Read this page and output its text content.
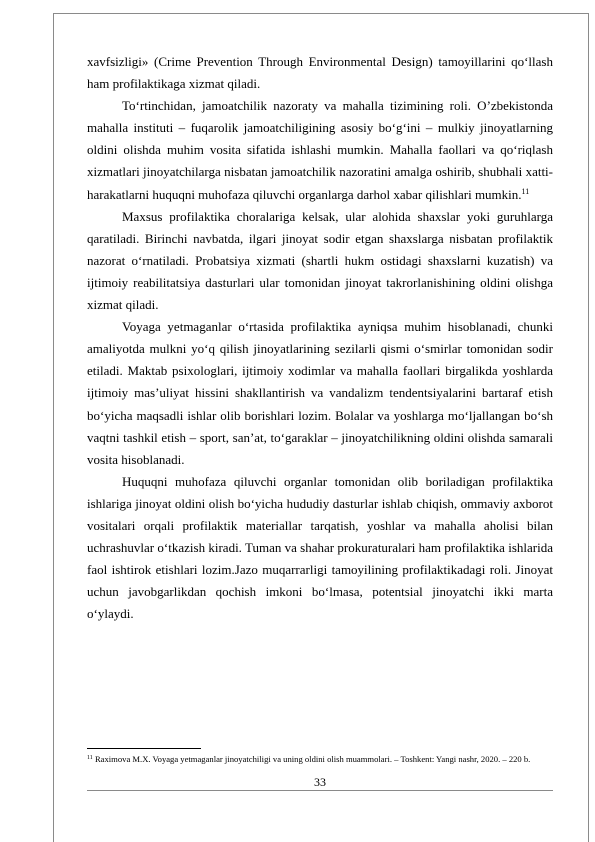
xavfsizligi» (Crime Prevention Through Environmental Design) tamoyillarini qo‘llash ham profilaktikaga xizmat qiladi.

To‘rtinchidan, jamoatchilik nazoraty va mahalla tizimining roli. O’zbekistonda mahalla instituti – fuqarolik jamoatchiligining asosiy bo‘g‘ini – mulkiy jinoyatlarning oldini olishda muhim vosita sifatida ishlashi mumkin. Mahalla faollari va qo‘riqlash xizmatlari jinoyatchilarga nisbatan jamoatchilik nazoratini amalga oshirib, shubhali xatti-harakatlarni huquqni muhofaza qiluvchi organlarga darhol xabar qilishlari mumkin.$^{11}$

Maxsus profilaktika choralariga kelsak, ular alohida shaxslar yoki guruhlarga qaratiladi. Birinchi navbatda, ilgari jinoyat sodir etgan shaxslarga nisbatan profilaktik nazorat o‘rnatiladi. Probatsiya xizmati (shartli hukm ostidagi shaxslarni kuzatish) va ijtimoiy reabilitatsiya dasturlari ular tomonidan jinoyat takrorlanishining oldini olishga xizmat qiladi.

Voyaga yetmaganlar o‘rtasida profilaktika ayniqsa muhim hisoblanadi, chunki amaliyotda mulkni yo‘q qilish jinoyatlarining sezilarli qismi o‘smirlar tomonidan sodir etiladi. Maktab psixologlari, ijtimoiy xodimlar va mahalla faollari birgalikda yoshlarda ijtimoiy mas’uliyat hissini shakllantirish va vandalizm tendentsiyalarini bartaraf etish bo‘yicha maqsadli ishlar olib borishlari lozim. Bolalar va yoshlarga mo‘ljallangan bo‘sh vaqtni tashkil etish – sport, san’at, to‘garaklar – jinoyatchilikning oldini olishda samarali vosita hisoblanadi.

Huquqni muhofaza qiluvchi organlar tomonidan olib boriladigan profilaktika ishlariga jinoyat oldini olish bo‘yicha hududiy dasturlar ishlab chiqish, ommaviy axborot vositalari orqali profilaktik materiallar tarqatish, yoshlar va mahalla aholisi bilan uchrashuvlar o‘tkazish kiradi. Tuman va shahar prokuraturalari ham profilaktika ishlarida faol ishtirok etishlari lozim.Jazo muqarrarligi tamoyilining profilaktikadagi roli. Jinoyat uchun javobgarlikdan qochish imkoni bo‘lmasa, potentsial jinoyatchi ikki marta o‘ylaydi.

$^{11}$ Raximova M.X. Voyaga yetmaganlar jinoyatchiligi va uning oldini olish muammolari. – Toshkent: Yangi nashr, 2020. – 220 b.
33
